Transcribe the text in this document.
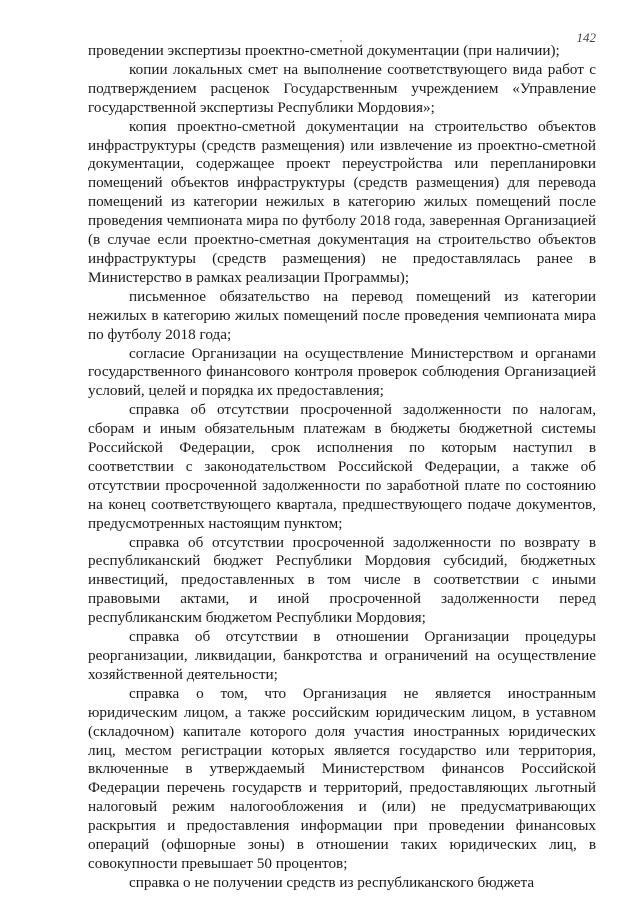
142

проведении экспертизы проектно-сметной документации (при наличии);

копии локальных смет на выполнение соответствующего вида работ с подтверждением расценок Государственным учреждением «Управление государственной экспертизы Республики Мордовия»;

копия проектно-сметной документации на строительство объектов инфраструктуры (средств размещения) или извлечение из проектно-сметной документации, содержащее проект переустройства или перепланировки помещений объектов инфраструктуры (средств размещения) для перевода помещений из категории нежилых в категорию жилых помещений после проведения чемпионата мира по футболу 2018 года, заверенная Организацией (в случае если проектно-сметная документация на строительство объектов инфраструктуры (средств размещения) не предоставлялась ранее в Министерство в рамках реализации Программы);

письменное обязательство на перевод помещений из категории нежилых в категорию жилых помещений после проведения чемпионата мира по футболу 2018 года;

согласие Организации на осуществление Министерством и органами государственного финансового контроля проверок соблюдения Организацией условий, целей и порядка их предоставления;

справка об отсутствии просроченной задолженности по налогам, сборам и иным обязательным платежам в бюджеты бюджетной системы Российской Федерации, срок исполнения по которым наступил в соответствии с законодательством Российской Федерации, а также об отсутствии просроченной задолженности по заработной плате по состоянию на конец соответствующего квартала, предшествующего подаче документов, предусмотренных настоящим пунктом;

справка об отсутствии просроченной задолженности по возврату в республиканский бюджет Республики Мордовия субсидий, бюджетных инвестиций, предоставленных в том числе в соответствии с иными правовыми актами, и иной просроченной задолженности перед республиканским бюджетом Республики Мордовия;

справка об отсутствии в отношении Организации процедуры реорганизации, ликвидации, банкротства и ограничений на осуществление хозяйственной деятельности;

справка о том, что Организация не является иностранным юридическим лицом, а также российским юридическим лицом, в уставном (складочном) капитале которого доля участия иностранных юридических лиц, местом регистрации которых является государство или территория, включенные в утверждаемый Министерством финансов Российской Федерации перечень государств и территорий, предоставляющих льготный налоговый режим налогообложения и (или) не предусматривающих раскрытия и предоставления информации при проведении финансовых операций (офшорные зоны) в отношении таких юридических лиц, в совокупности превышает 50 процентов;

справка о не получении средств из республиканского бюджета
